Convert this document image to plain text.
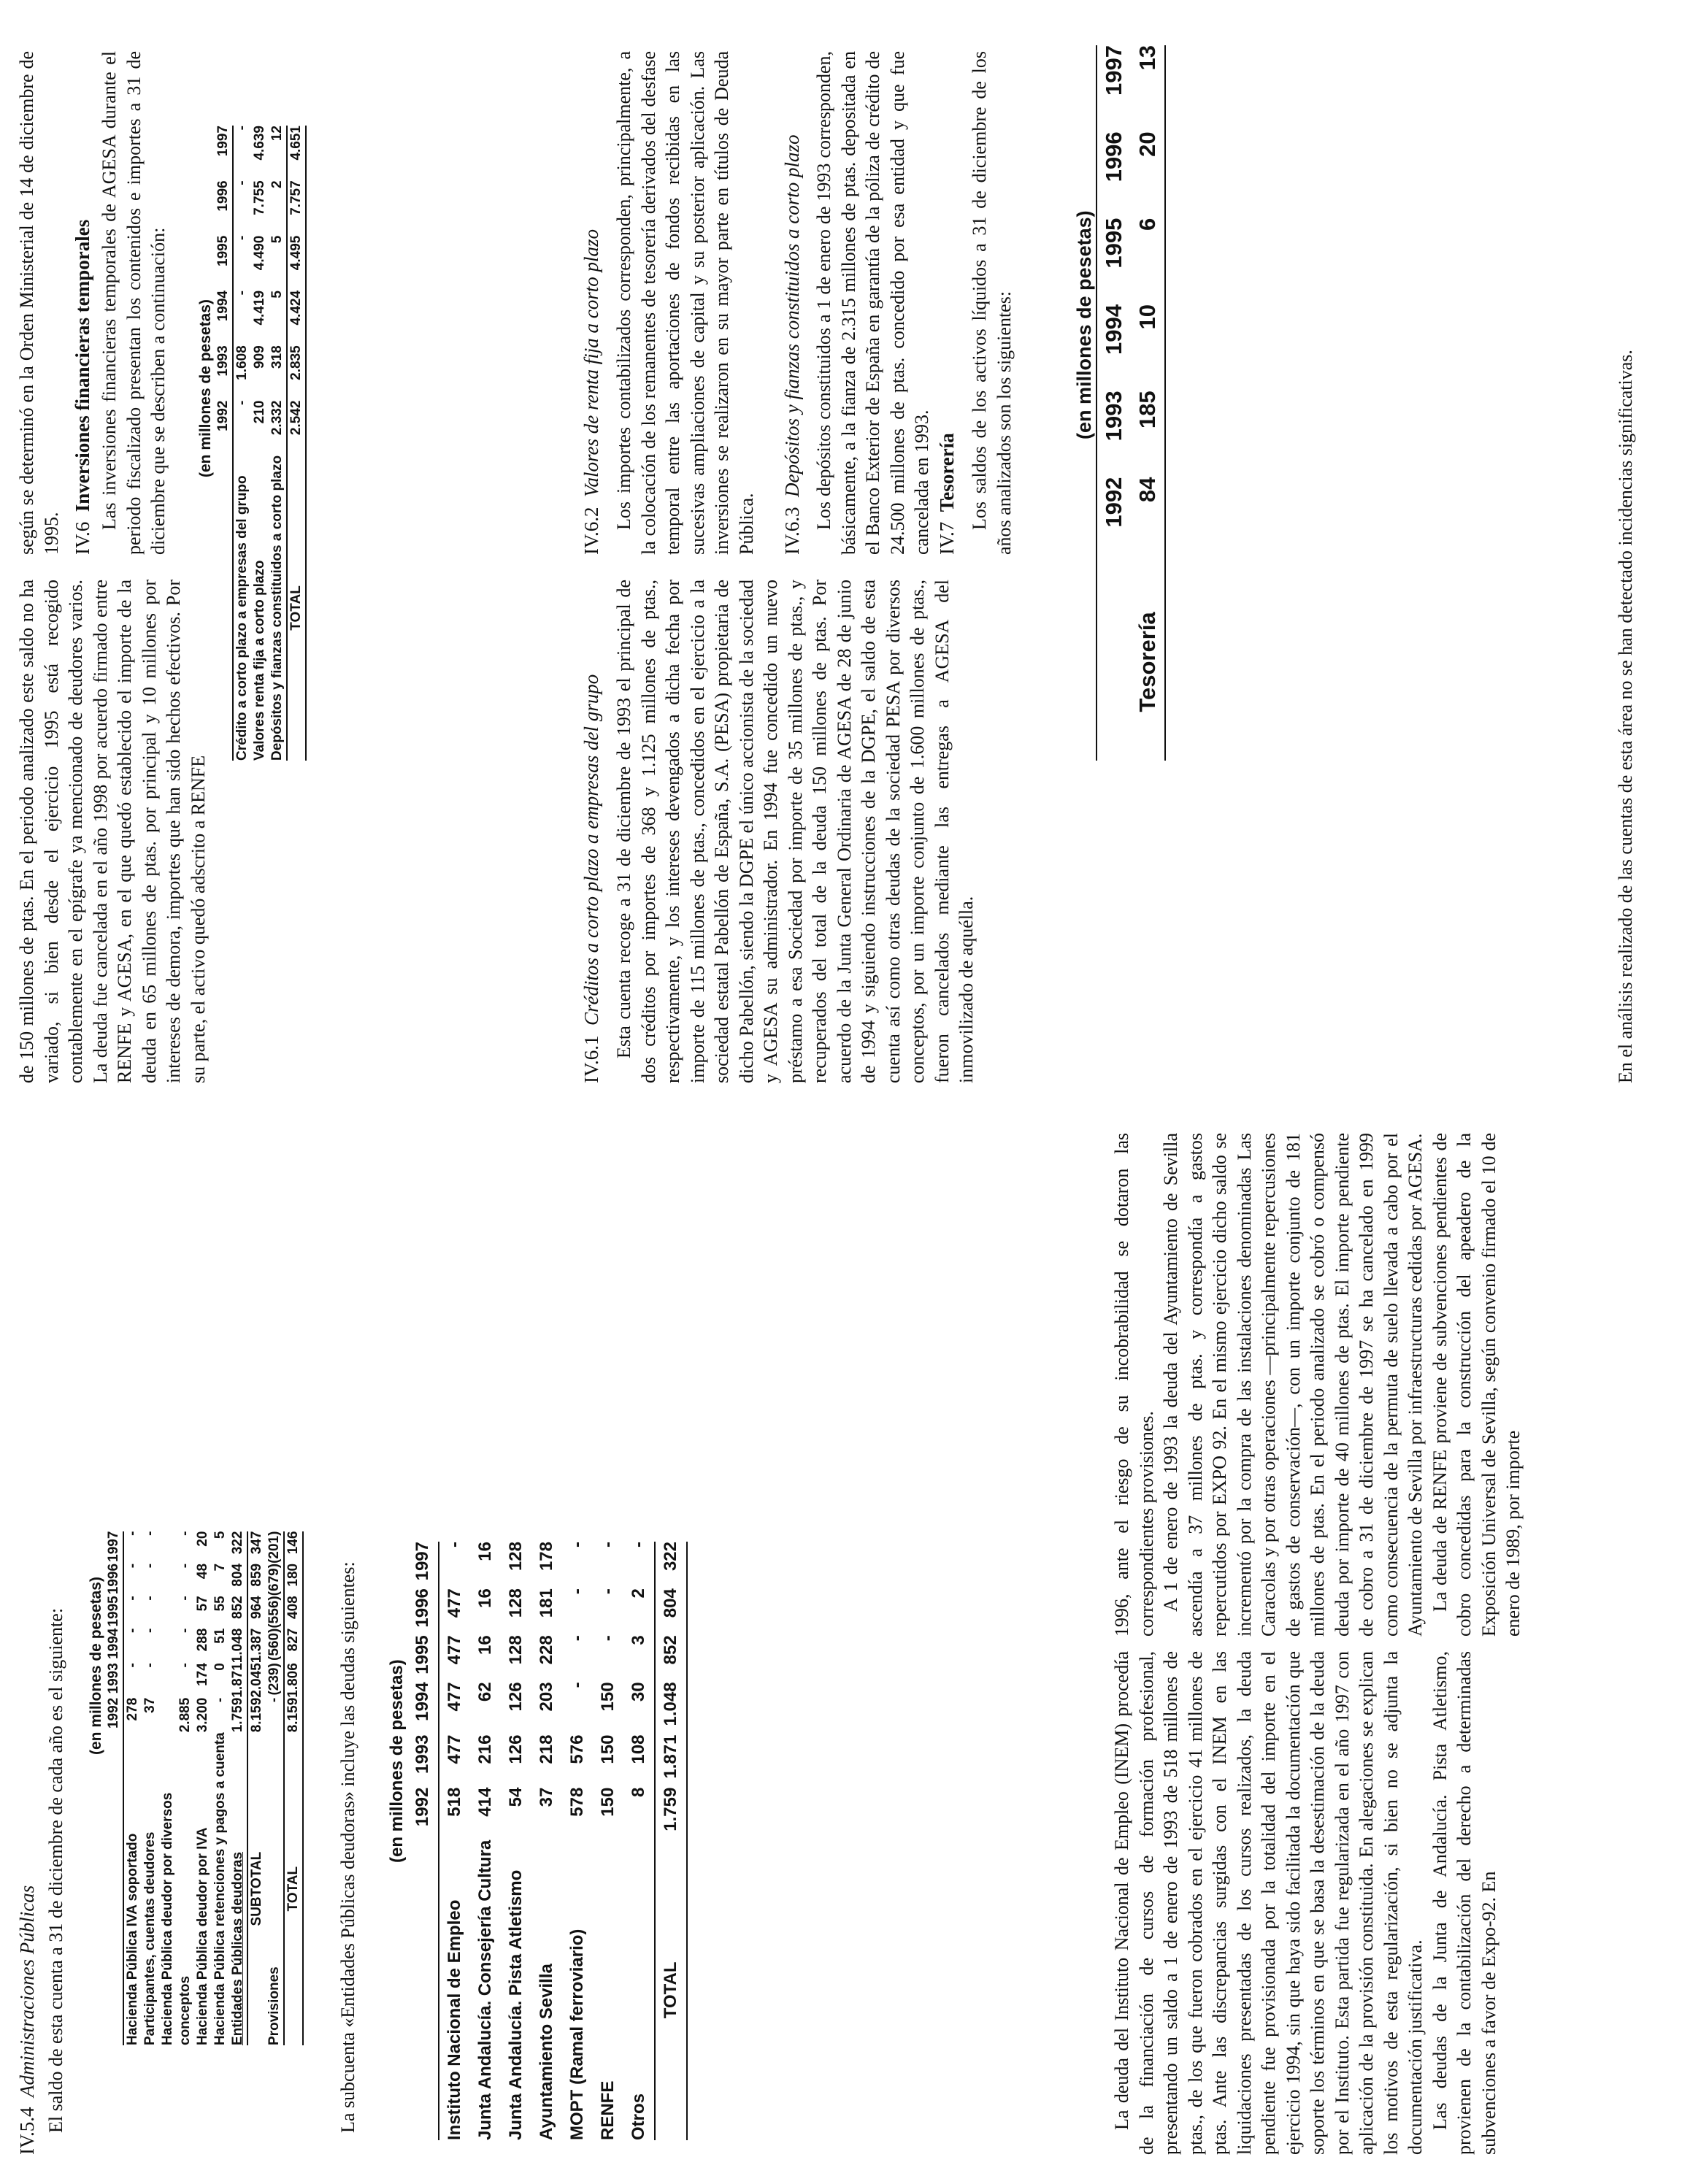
IV.5.4  Administraciones Públicas El saldo de esta cuenta a 31 de diciembre de cada año es el siguiente: (en millones de pesetas)
	1992	1993	1994	1995	1996	1997
Hacienda Pública IVA soportado	278	-	-	-	-	-
Participantes, cuentas deudores	37	-	-	-	-	-
Hacienda Pública deudor por diversos						
conceptos	2.885	-	-	-	-	-
Hacienda Pública deudor por IVA	3.200	174	288	57	48	20
Hacienda Pública retenciones y pagos a cuenta	-	0	51	55	7	5
Entidades Públicas deudoras	1.759	1.871	1.048	852	804	322
SUBTOTAL	8.159	2.045	1.387	964	859	347
Provisiones	-	(239)	(560)	(556)	(679)	(201)
TOTAL	8.159	1.806	827	408	180	146
La subcuenta «Entidades Públicas deudoras» incluye las deudas siguientes:

de 150 millones de ptas. En el periodo analizado este saldo no ha variado, si bien desde el ejercicio 1995 está recogido contablemente en el epígrafe ya mencionado de deudores varios. La deuda fue cancelada en el año 1998 por acuerdo firmado entre RENFE y AGESA, en el que quedó establecido el importe de la deuda en 65 millones de ptas. por principal y 10 millones por intereses de demora, importes que han sido hechos efectivos. Por su parte, el activo quedó adscrito a RENFE

según se determinó en la Orden Ministerial de 14 de diciembre de 1995. IV.6  Inversiones financieras temporales Las inversiones financieras temporales de AGESA durante el periodo fiscalizado presentan los contenidos e importes a 31 de diciembre que se describen a continuación: (en millones de pesetas)
	1992	1993	1994	1995	1996	1997
Crédito a corto plazo a empresas del grupo	-	1.608	-	-	-	-
Valores renta fija a corto plazo	210	909	4.419	4.490	7.755	4.639
Depósitos y fianzas constituidos a corto plazo	2.332	318	5	5	2	12
TOTAL	2.542	2.835	4.424	4.495	7.757	4.651
IV.6.1  Créditos a corto plazo a empresas del grupo Esta cuenta recoge a 31 de diciembre de 1993 el principal de dos créditos por importes de 368 y 1.125 millones de ptas., respectivamente, y los intereses devengados a dicha fecha por importe de 115 millones de ptas., concedidos en el ejercicio a la sociedad estatal Pabellón de España, S.A. (PESA) propietaria de dicho Pabellón, siendo la DGPE el único accionista de la sociedad y AGESA su administrador. En 1994 fue concedido un nuevo préstamo a esa Sociedad por importe de 35 millones de ptas., y recuperados del total de la deuda 150 millones de ptas. Por acuerdo de la Junta General Ordinaria de AGESA de 28 de junio de 1994 y siguiendo instrucciones de la DGPE, el saldo de esta cuenta así como otras deudas de la sociedad PESA por diversos conceptos, por un importe conjunto de 1.600 millones de ptas., fueron cancelados mediante las entregas a AGESA del inmovilizado de aquélla.

IV.6.2  Valores de renta fija a corto plazo Los importes contabilizados corresponden, principalmente, a la colocación de los remanentes de tesorería derivados del desfase temporal entre las aportaciones de fondos recibidas en las sucesivas ampliaciones de capital y su posterior aplicación. Las inversiones se realizaron en su mayor parte en títulos de Deuda Pública. IV.6.3  Depósitos y fianzas constituidos a corto plazo Los depósitos constituidos a 1 de enero de 1993 corresponden, básicamente, a la fianza de 2.315 millones de ptas. depositada en el Banco Exterior de España en garantía de la póliza de crédito de 24.500 millones de ptas. concedido por esa entidad y que fue cancelada en 1993. IV.7  Tesorería Los saldos de los activos líquidos a 31 de diciembre de los años analizados son los siguientes:	(en millones de pesetas)
	1992	1993	1994	1995	1996	1997
Tesorería	84	185	10	6	20	13
En el análisis realizado de las cuentas de esta área no se han detectado incidencias significativas.
(en millones de pesetas)
	1992	1993	1994	1995	1996	1997
Instituto Nacional de Empleo	518	477	477	477	477	-
Junta Andalucía. Consejería Cultura	414	216	62	16	16	16
Junta Andalucía. Pista Atletismo	54	126	126	128	128	128
Ayuntamiento Sevilla	37	218	203	228	181	178
MOPT (Ramal ferroviario)	578	576	-	-	-	-
RENFE	150	150	150	-	-	-
Otros	8	108	30	3	2	-
TOTAL	1.759	1.871	1.048	852	804	322

La deuda del Instituto Nacional de Empleo (INEM) procedía de la financiación de cursos de formación profesional, presentando un saldo a 1 de enero de 1993 de 518 millones de ptas., de los que fueron cobrados en el ejercicio 41 millones de ptas. Ante las discrepancias surgidas con el INEM en las liquidaciones presentadas de los cursos realizados, la deuda pendiente fue provisionada por la totalidad del importe en el ejercicio 1994, sin que haya sido facilitada la documentación que soporte los términos en que se basa la desestimación de la deuda por el Instituto. Esta partida fue regularizada en el año 1997 con aplicación de la provisión constituida. En alegaciones se explican los motivos de esta regularización, si bien no se adjunta la documentación justificativa. Las deudas de la Junta de Andalucía. Pista Atletismo, provienen de la contabilización del derecho a determinadas subvenciones a favor de Expo-92. En

1996, ante el riesgo de su incobrabilidad se dotaron las correspondientes provisiones. A 1 de enero de 1993 la deuda del Ayuntamiento de Sevilla ascendía a 37 millones de ptas. y correspondía a gastos repercutidos por EXPO 92. En el mismo ejercicio dicho saldo se incrementó por la compra de las instalaciones denominadas Las Caracolas y por otras operaciones —principalmente repercusiones de gastos de conservación—, con un importe conjunto de 181 millones de ptas. En el periodo analizado se cobró o compensó deuda por importe de 40 millones de ptas. El importe pendiente de cobro a 31 de diciembre de 1997 se ha cancelado en 1999 como consecuencia de la permuta de suelo llevada a cabo por el Ayuntamiento de Sevilla por infraestructuras cedidas por AGESA. La deuda de RENFE proviene de subvenciones pendientes de cobro concedidas para la construcción del apeadero de la Exposición Universal de Sevilla, según convenio firmado el 10 de enero de 1989, por importe
